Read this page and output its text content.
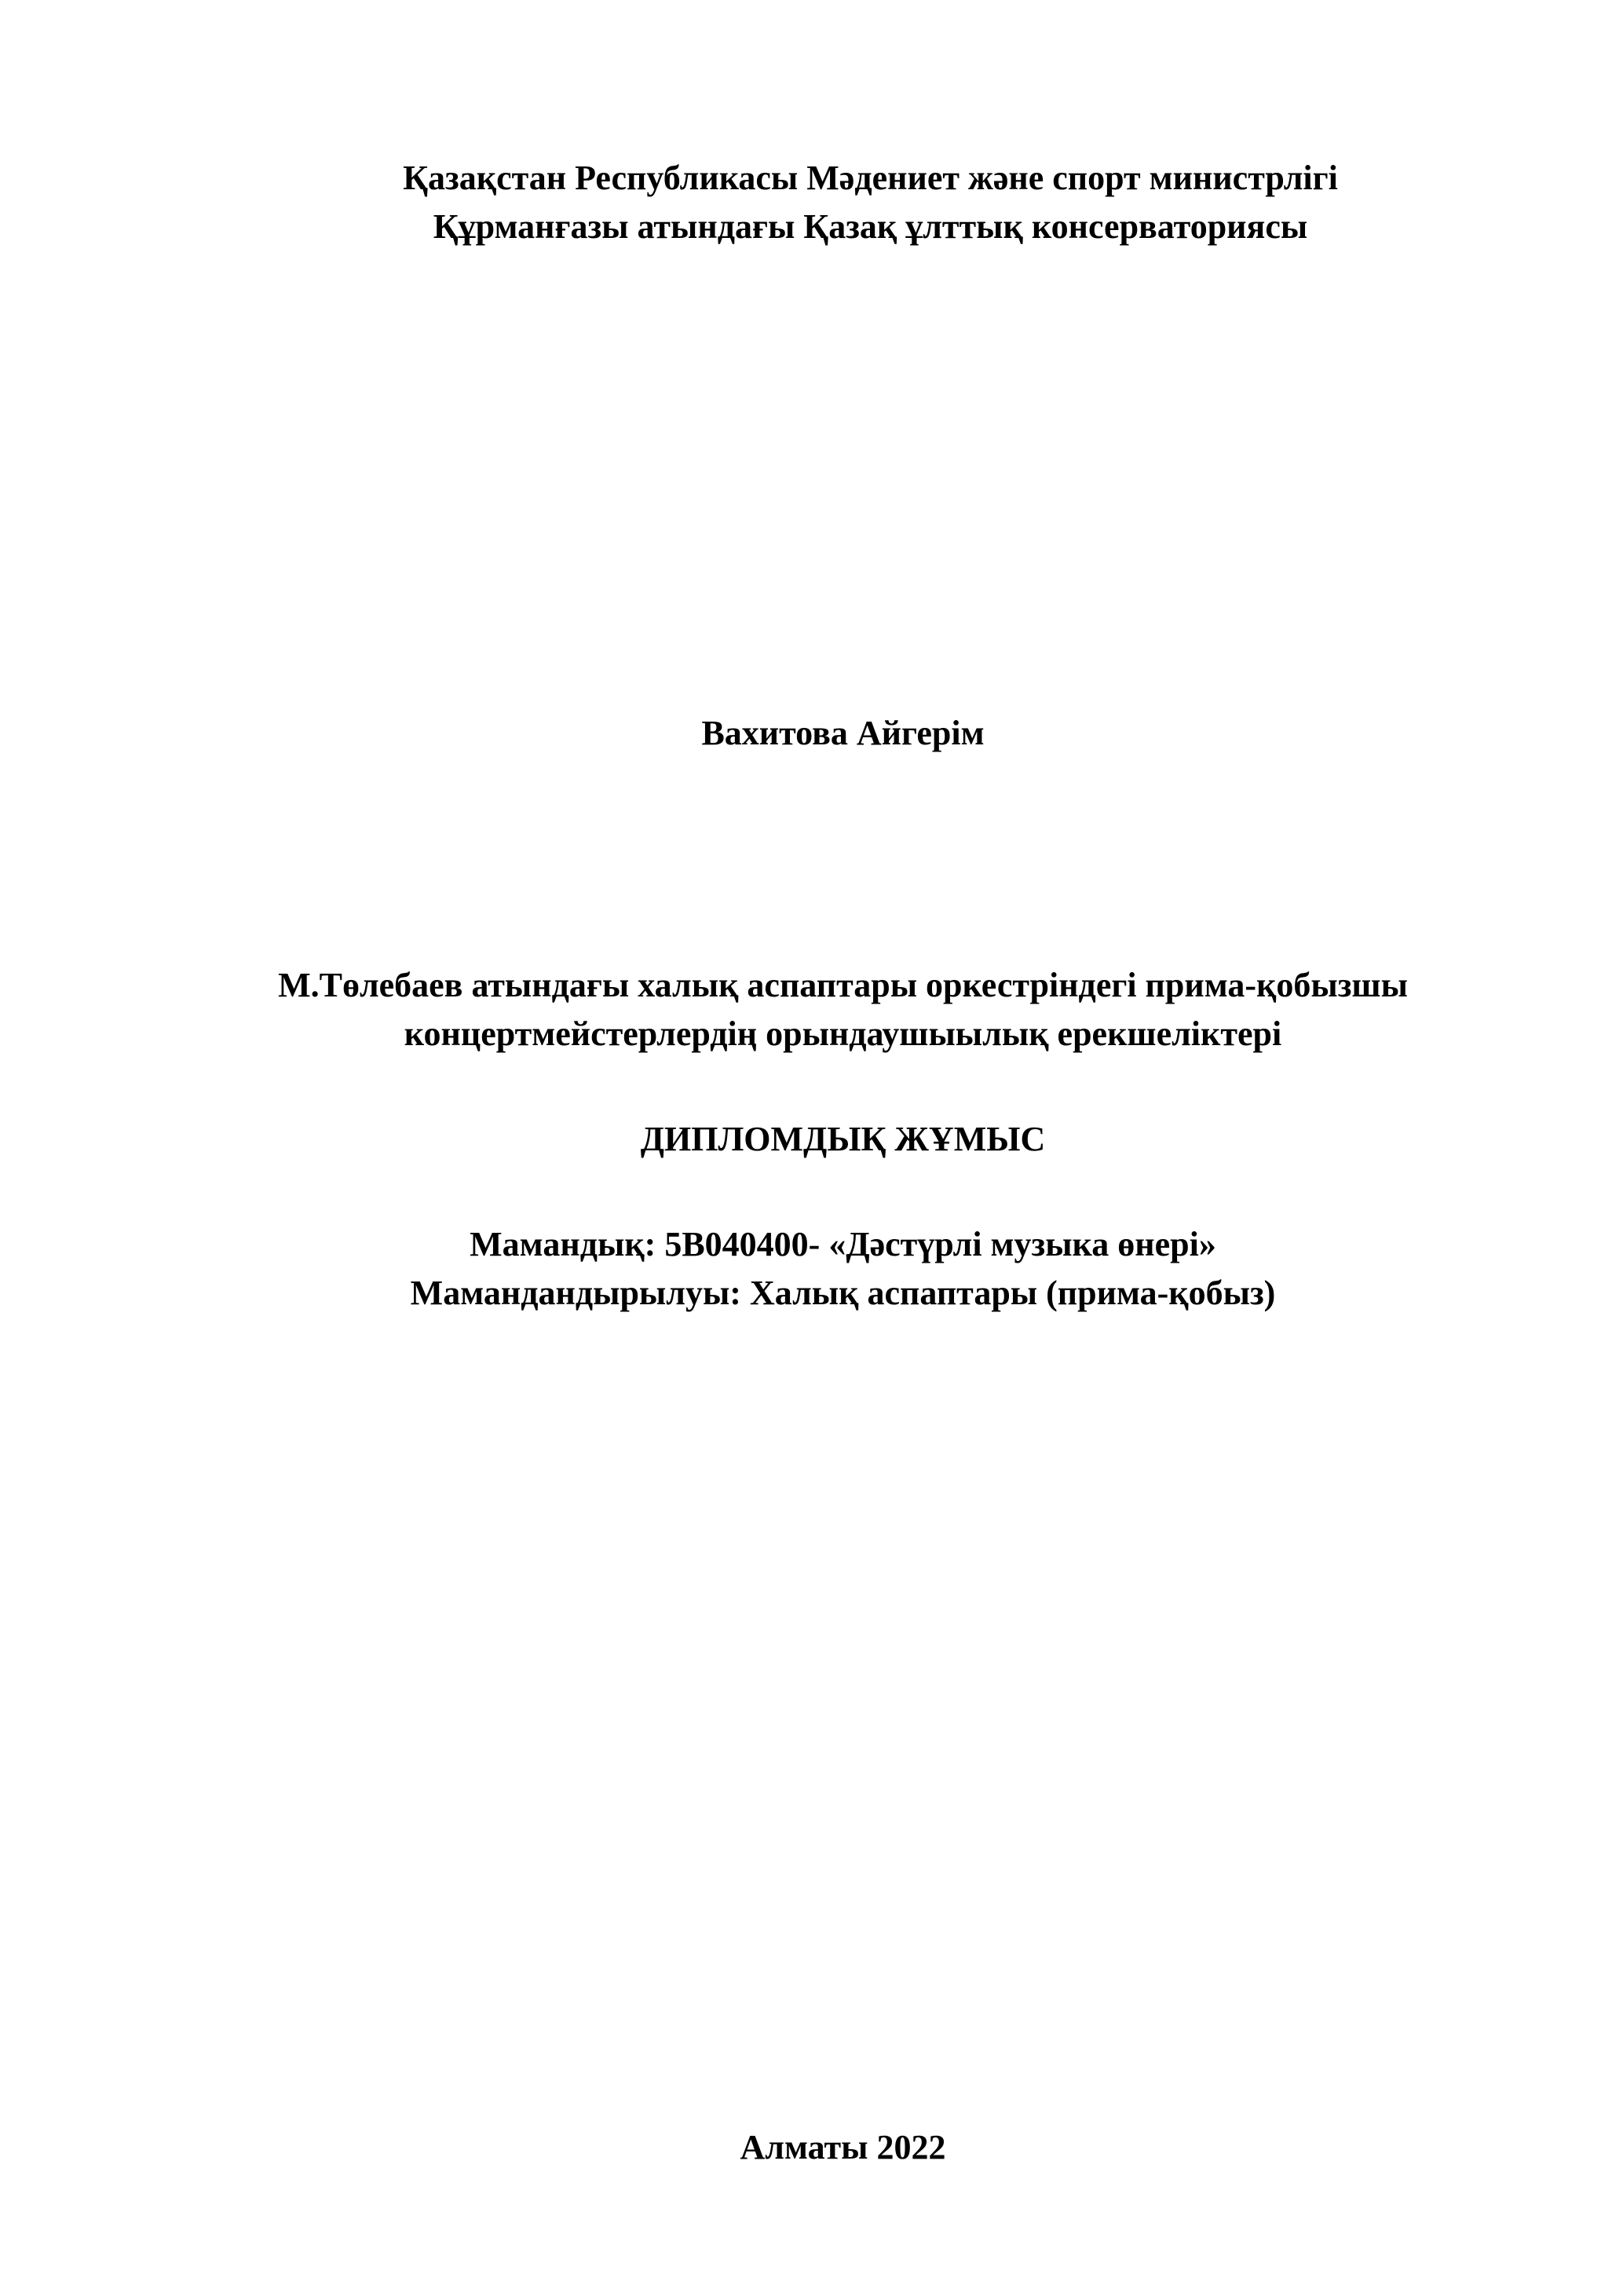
Қазақстан Республикасы Мәдениет және спорт министрлігі
Құрманғазы атындағы Қазақ ұлттық консерваториясы
Вахитова Айгерім
М.Төлебаев атындағы халық аспаптары оркестріндегі прима-қобызшы
концертмейстерлердің орындаушыылық ерекшеліктері
ДИПЛОМДЫҚ ЖҰМЫС
Мамандық: 5В040400- «Дәстүрлі музыка өнері»
Мамандандырылуы: Халық аспаптары (прима-қобыз)
Алматы 2022
